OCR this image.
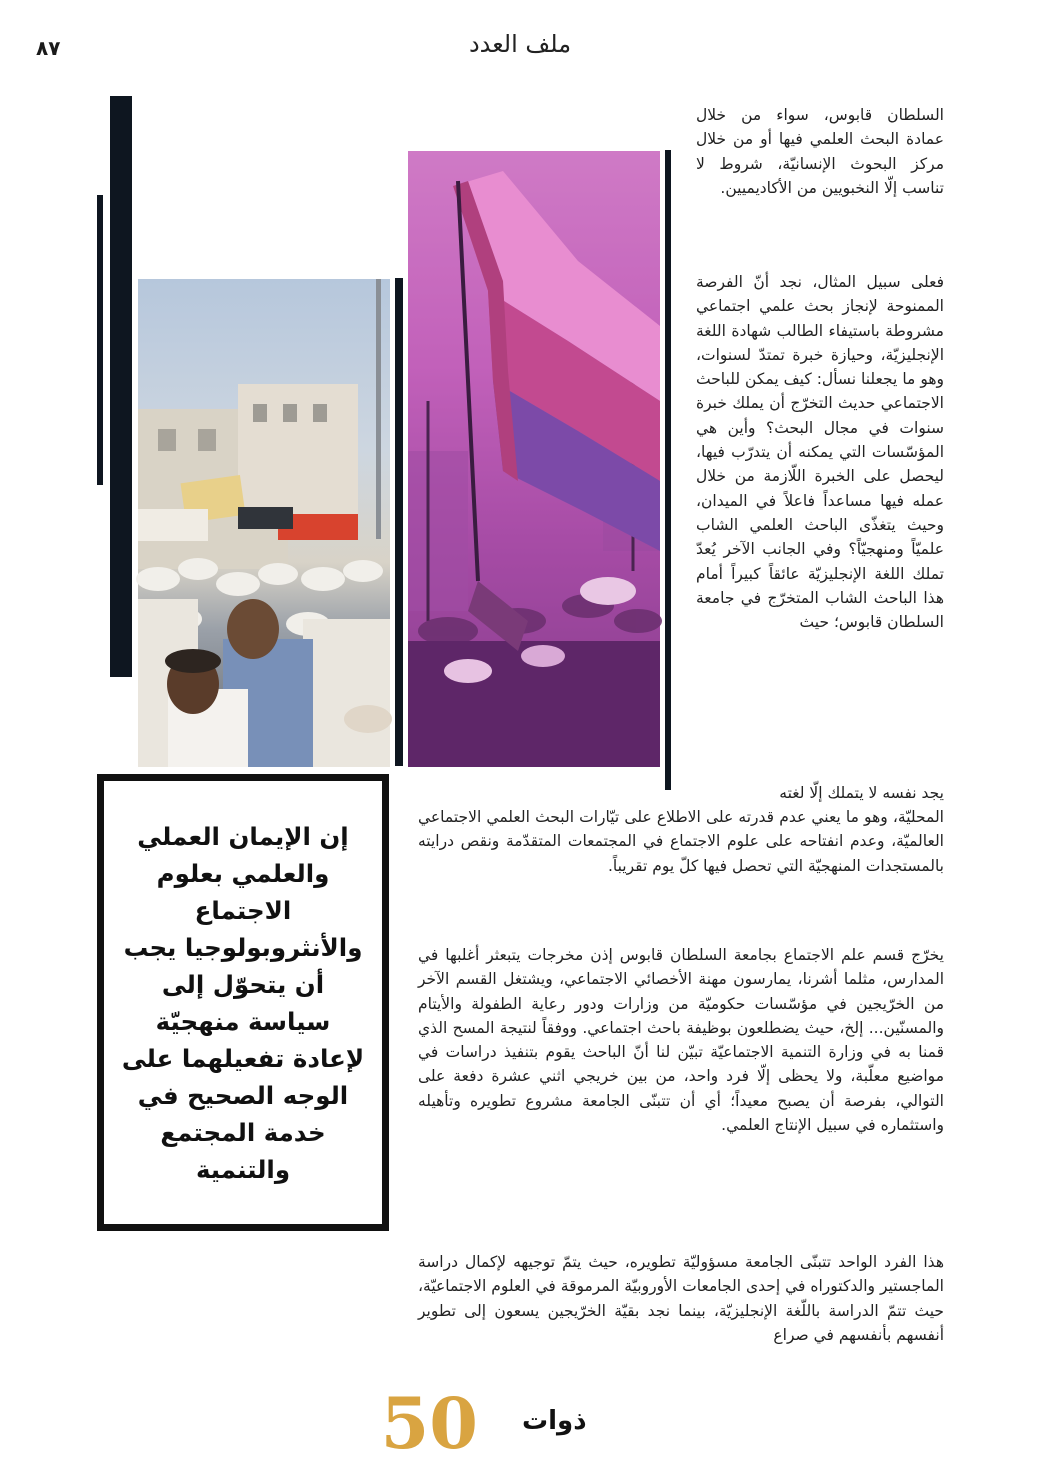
٨٧	ملف العدد

السلطان قابوس، سواء من خلال عمادة البحث العلمي فيها أو من خلال مركز البحوث الإنسانيّة، شروط لا تناسب إلّا النخبويين من الأكاديميين.

فعلى سبيل المثال، نجد أنّ الفرصة الممنوحة لإنجاز بحث علمي اجتماعي مشروطة باستيفاء الطالب شهادة اللغة الإنجليزيّة، وحيازة خبرة تمتدّ لسنوات، وهو ما يجعلنا نسأل: كيف يمكن للباحث الاجتماعي حديث التخرّج أن يملك خبرة سنوات في مجال البحث؟ وأين هي المؤسّسات التي يمكنه أن يتدرّب فيها، ليحصل على الخبرة اللّازمة من خلال عمله فيها مساعداً فاعلاً في الميدان، وحيث يتغذّى الباحث العلمي الشاب علميّاً ومنهجيّاً؟ وفي الجانب الآخر يُعدّ تملك اللغة الإنجليزيّة عائقاً كبيراً أمام هذا الباحث الشاب المتخرّج في جامعة السلطان قابوس؛ حيث

يجد نفسه لا يتملك إلّا لغته

المحليّة، وهو ما يعني عدم قدرته على الاطلاع على تيّارات البحث العلمي الاجتماعي العالميّة، وعدم انفتاحه على علوم الاجتماع في المجتمعات المتقدّمة ونقص درايته بالمستجدات المنهجيّة التي تحصل فيها كلّ يوم تقريباً.

يخرّج قسم علم الاجتماع بجامعة السلطان قابوس إذن مخرجات يتبعثر أغلبها في المدارس، مثلما أشرنا، يمارسون مهنة الأخصائي الاجتماعي، ويشتغل القسم الآخر من الخرّيجين في مؤسّسات حكوميّة من وزارات ودور رعاية الطفولة والأيتام والمسنّين... إلخ، حيث يضطلعون بوظيفة باحث اجتماعي. ووفقاً لنتيجة المسح الذي قمنا به في وزارة التنمية الاجتماعيّة تبيّن لنا أنّ الباحث يقوم بتنفيذ دراسات في مواضيع معلّبة، ولا يحظى إلّا فرد واحد، من بين خريجي اثني عشرة دفعة على التوالي، بفرصة أن يصبح معيداً؛ أي أن تتبنّى الجامعة مشروع تطويره وتأهيله واستثماره في سبيل الإنتاج العلمي.

هذا الفرد الواحد تتبنّى الجامعة مسؤوليّة تطويره، حيث يتمّ توجيهه لإكمال دراسة الماجستير والدكتوراه في إحدى الجامعات الأوروبيّة المرموقة في العلوم الاجتماعيّة، حيث تتمّ الدراسة باللّغة الإنجليزيّة، بينما نجد بقيّة الخرّيجين يسعون إلى تطوير أنفسهم بأنفسهم في صراع

إن الإيمان العملي والعلمي بعلوم الاجتماع والأنثروبولوجيا يجب أن يتحوّل إلى سياسة منهجيّة لإعادة تفعيلهما على الوجه الصحيح في خدمة المجتمع والتنمية

50 ذوات
